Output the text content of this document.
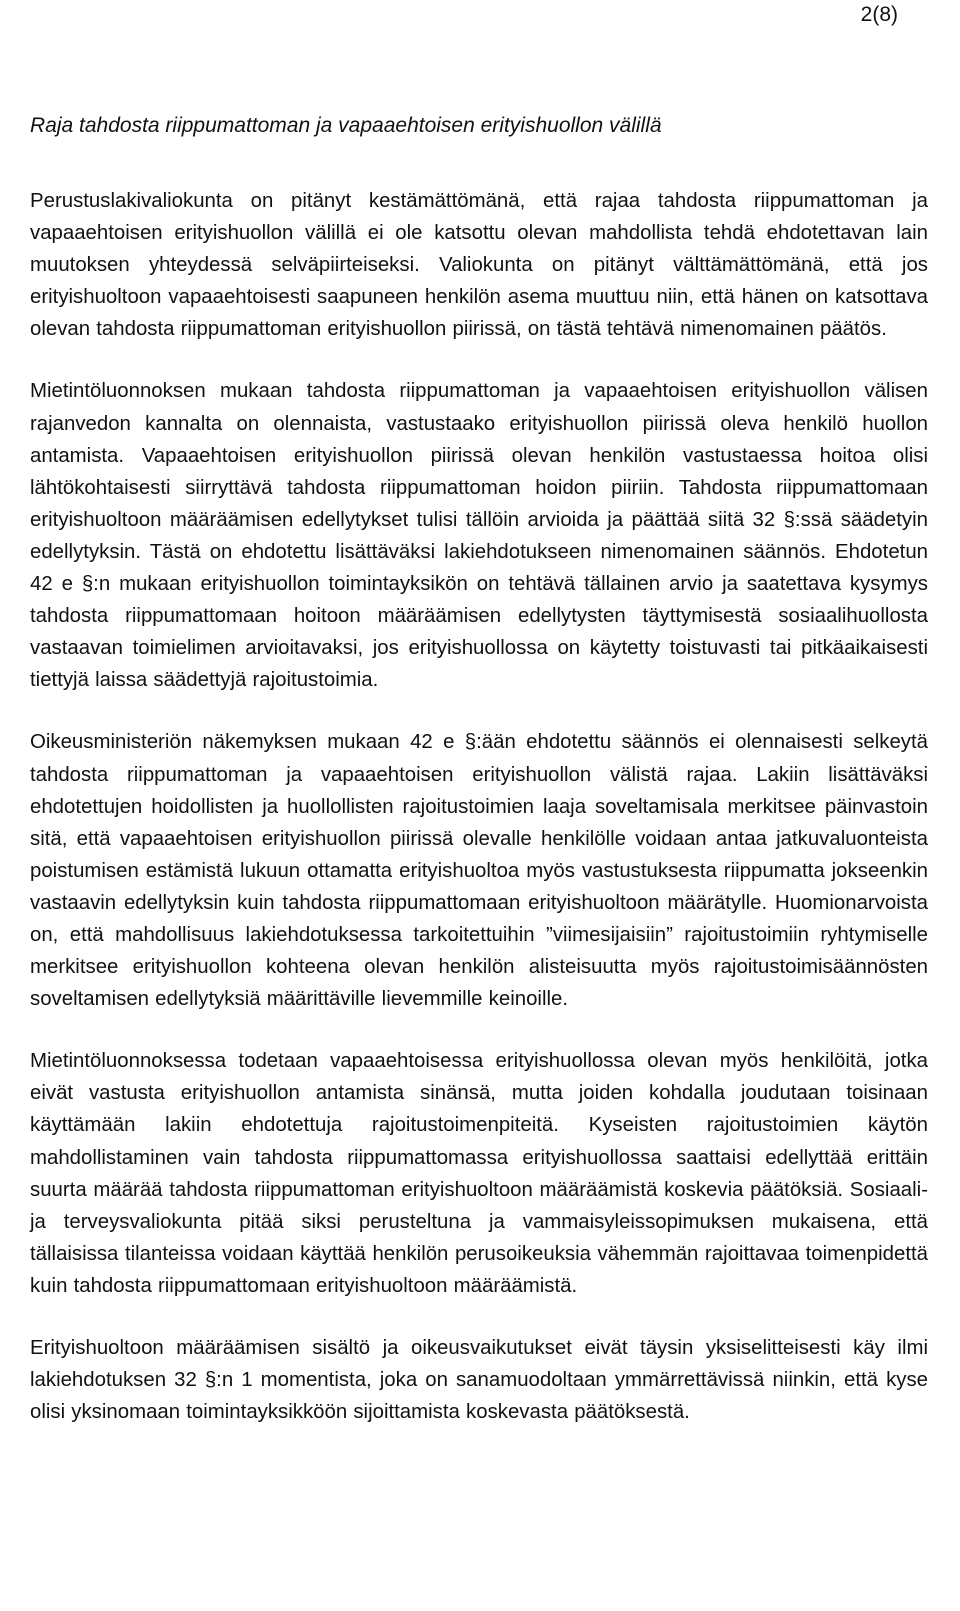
2(8)
Raja tahdosta riippumattoman ja vapaaehtoisen erityishuollon välillä

Perustuslakivaliokunta on pitänyt kestämättömänä, että rajaa tahdosta riippumattoman ja vapaaehtoisen erityishuollon välillä ei ole katsottu olevan mahdollista tehdä ehdotettavan lain muutoksen yhteydessä selväpiirteiseksi. Valiokunta on pitänyt välttämättömänä, että jos erityishuoltoon vapaaehtoisesti saapuneen henkilön asema muuttuu niin, että hänen on katsottava olevan tahdosta riippumattoman erityishuollon piirissä, on tästä tehtävä nimenomainen päätös.

Mietintöluonnoksen mukaan tahdosta riippumattoman ja vapaaehtoisen erityishuollon välisen rajanvedon kannalta on olennaista, vastustaako erityishuollon piirissä oleva henkilö huollon antamista. Vapaaehtoisen erityishuollon piirissä olevan henkilön vastustaessa hoitoa olisi lähtökohtaisesti siirryttävä tahdosta riippumattoman hoidon piiriin. Tahdosta riippumattomaan erityishuoltoon määräämisen edellytykset tulisi tällöin arvioida ja päättää siitä 32 §:ssä säädetyin edellytyksin. Tästä on ehdotettu lisättäväksi lakiehdotukseen nimenomainen säännös. Ehdotetun 42 e §:n mukaan erityishuollon toimintayksikön on tehtävä tällainen arvio ja saatettava kysymys tahdosta riippumattomaan hoitoon määräämisen edellytysten täyttymisestä sosiaalihuollosta vastaavan toimielimen arvioitavaksi, jos erityishuollossa on käytetty toistuvasti tai pitkäaikaisesti tiettyjä laissa säädettyjä rajoitustoimia.

Oikeusministeriön näkemyksen mukaan 42 e §:ään ehdotettu säännös ei olennaisesti selkeytä tahdosta riippumattoman ja vapaaehtoisen erityishuollon välistä rajaa. Lakiin lisättäväksi ehdotettujen hoidollisten ja huollollisten rajoitustoimien laaja soveltamisala merkitsee päinvastoin sitä, että vapaaehtoisen erityishuollon piirissä olevalle henkilölle voidaan antaa jatkuvaluonteista poistumisen estämistä lukuun ottamatta erityishuoltoa myös vastustuksesta riippumatta jokseenkin vastaavin edellytyksin kuin tahdosta riippumattomaan erityishuoltoon määrätylle. Huomionarvoista on, että mahdollisuus lakiehdotuksessa tarkoitettuihin ”viimesijaisiin” rajoitustoimiin ryhtymiselle merkitsee erityishuollon kohteena olevan henkilön alisteisuutta myös rajoitustoimisäännösten soveltamisen edellytyksiä määrittäville lievemmille keinoille.

Mietintöluonnoksessa todetaan vapaaehtoisessa erityishuollossa olevan myös henkilöitä, jotka eivät vastusta erityishuollon antamista sinänsä, mutta joiden kohdalla joudutaan toisinaan käyttämään lakiin ehdotettuja rajoitustoimenpiteitä. Kyseisten rajoitustoimien käytön mahdollistaminen vain tahdosta riippumattomassa erityishuollossa saattaisi edellyttää erittäin suurta määrää tahdosta riippumattoman erityishuoltoon määräämistä koskevia päätöksiä. Sosiaali- ja terveysvaliokunta pitää siksi perusteltuna ja vammaisyleissopimuksen mukaisena, että tällaisissa tilanteissa voidaan käyttää henkilön perusoikeuksia vähemmän rajoittavaa toimenpidettä kuin tahdosta riippumattomaan erityishuoltoon määräämistä.

Erityishuoltoon määräämisen sisältö ja oikeusvaikutukset eivät täysin yksiselitteisesti käy ilmi lakiehdotuksen 32 §:n 1 momentista, joka on sanamuodoltaan ymmärrettävissä niinkin, että kyse olisi yksinomaan toimintayksikköön sijoittamista koskevasta päätöksestä.
